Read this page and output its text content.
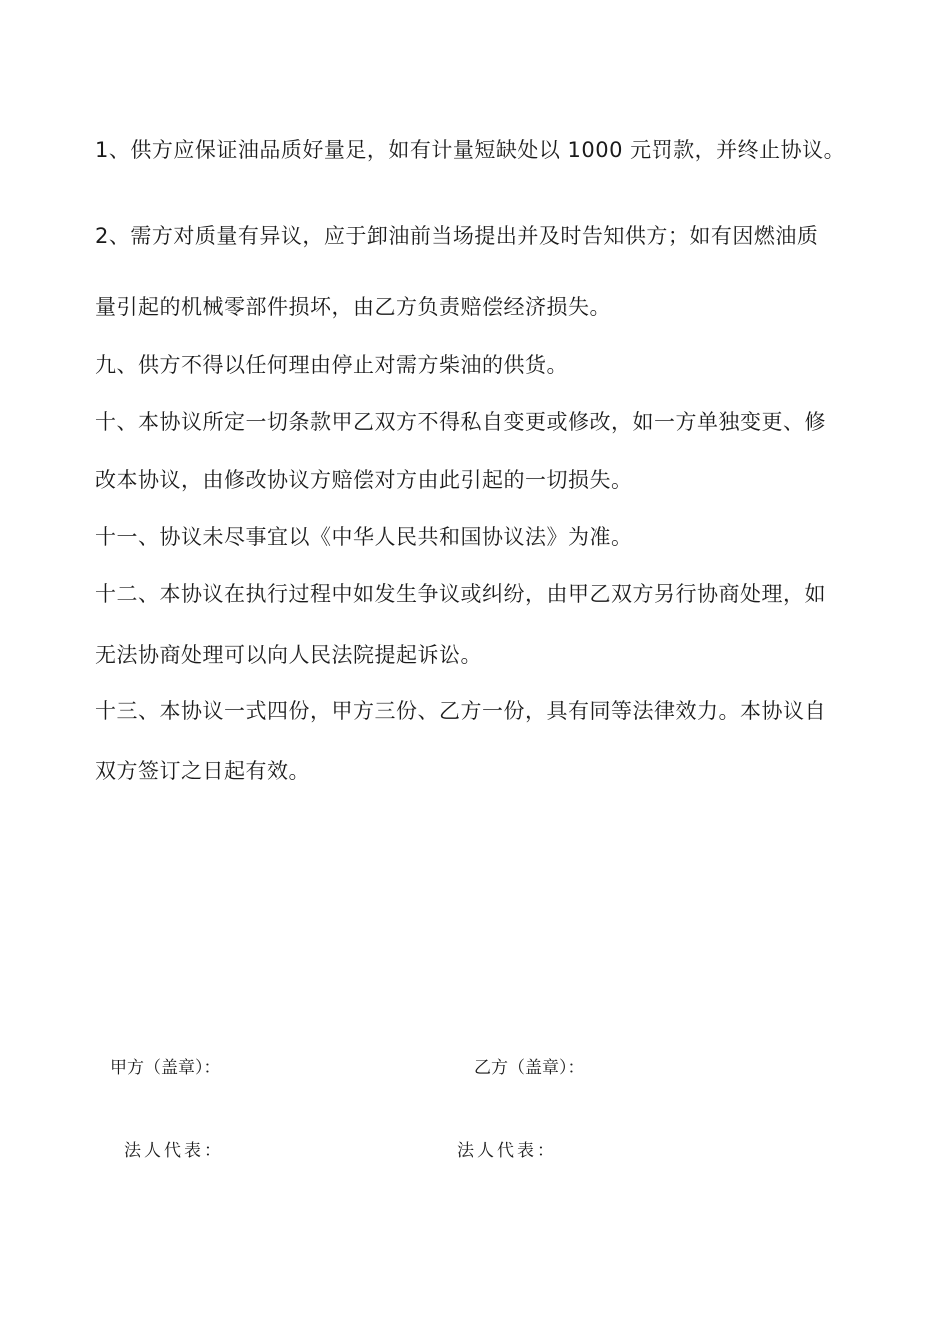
1、供方应保证油品质好量足，如有计量短缺处以 1000 元罚款，并终止协议。
2、需方对质量有异议，应于卸油前当场提出并及时告知供方；如有因燃油质
量引起的机械零部件损坏，由乙方负责赔偿经济损失。
九、供方不得以任何理由停止对需方柴油的供货。
十、本协议所定一切条款甲乙双方不得私自变更或修改，如一方单独变更、修
改本协议，由修改协议方赔偿对方由此引起的一切损失。
十一、协议未尽事宜以《中华人民共和国协议法》为准。
十二、本协议在执行过程中如发生争议或纠纷，由甲乙双方另行协商处理，如
无法协商处理可以向人民法院提起诉讼。
十三、本协议一式四份，甲方三份、乙方一份，具有同等法律效力。本协议自
双方签订之日起有效。
甲方（盖章）：	乙方（盖章）：
法人代表：	法人代表：
